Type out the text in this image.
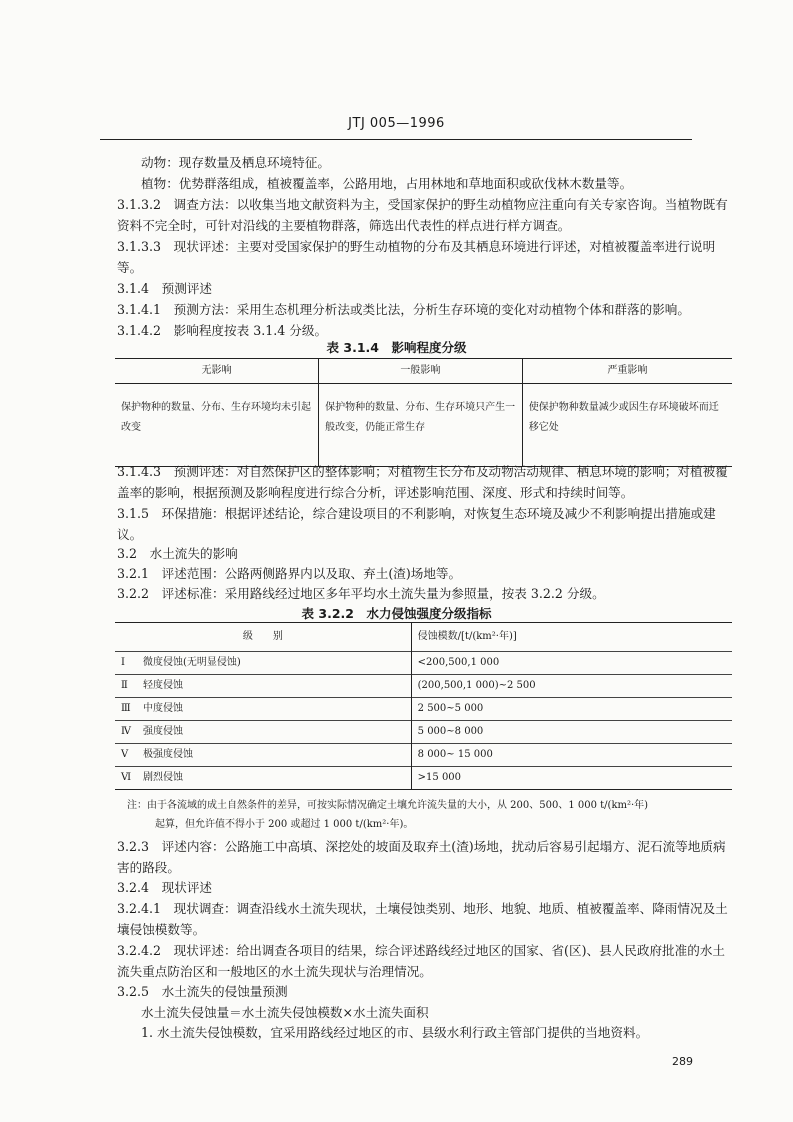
JTJ 005—1996
动物：现存数量及栖息环境特征。
植物：优势群落组成，植被覆盖率，公路用地，占用林地和草地面积或砍伐林木数量等。
3.1.3.2　调查方法：以收集当地文献资料为主，受国家保护的野生动植物应注重向有关专家咨询。当植物既有资料不完全时，可针对沿线的主要植物群落，筛选出代表性的样点进行样方调查。
3.1.3.3　现状评述：主要对受国家保护的野生动植物的分布及其栖息环境进行评述，对植被覆盖率进行说明等。
3.1.4　预测评述
3.1.4.1　预测方法：采用生态机理分析法或类比法，分析生存环境的变化对动植物个体和群落的影响。
3.1.4.2　影响程度按表 3.1.4 分级。
表 3.1.4　影响程度分级
无影响	一般影响	严重影响
保护物种的数量、分布、生存环境均未引起改变	保护物种的数量、分布、生存环境只产生一般改变，仍能正常生存	使保护物种数量减少或因生存环境破坏而迁移它处
3.1.4.3　预测评述：对自然保护区的整体影响；对植物生长分布及动物活动规律、栖息环境的影响；对植被覆盖率的影响，根据预测及影响程度进行综合分析，评述影响范围、深度、形式和持续时间等。
3.1.5　环保措施：根据评述结论，综合建设项目的不利影响，对恢复生态环境及减少不利影响提出措施或建议。
3.2　水土流失的影响
3.2.1　评述范围：公路两侧路界内以及取、弃土(渣)场地等。
3.2.2　评述标准：采用路线经过地区多年平均水土流失量为参照量，按表 3.2.2 分级。
表 3.2.2　水力侵蚀强度分级指标
级　　别	侵蚀模数/[t/(km²·年)]
Ⅰ 微度侵蚀(无明显侵蚀)	<200,500,1 000
Ⅱ 轻度侵蚀	(200,500,1 000)~2 500
Ⅲ 中度侵蚀	2 500~5 000
Ⅳ 强度侵蚀	5 000~8 000
Ⅴ 极强度侵蚀	8 000~ 15 000
Ⅵ 剧烈侵蚀	>15 000
注：由于各流域的成土自然条件的差异，可按实际情况确定土壤允许流失量的大小，从 200、500、1 000 t/(km²·年)
起算，但允许值不得小于 200 或超过 1 000 t/(km²·年)。
3.2.3　评述内容：公路施工中高填、深挖处的坡面及取弃土(渣)场地，扰动后容易引起塌方、泥石流等地质病害的路段。
3.2.4　现状评述
3.2.4.1　现状调查：调查沿线水土流失现状，土壤侵蚀类别、地形、地貌、地质、植被覆盖率、降雨情况及土壤侵蚀模数等。
3.2.4.2　现状评述：给出调查各项目的结果，综合评述路线经过地区的国家、省(区)、县人民政府批准的水土流失重点防治区和一般地区的水土流失现状与治理情况。
3.2.5　水土流失的侵蚀量预测
水土流失侵蚀量＝水土流失侵蚀模数×水土流失面积
1. 水土流失侵蚀模数，宜采用路线经过地区的市、县级水利行政主管部门提供的当地资料。
289
